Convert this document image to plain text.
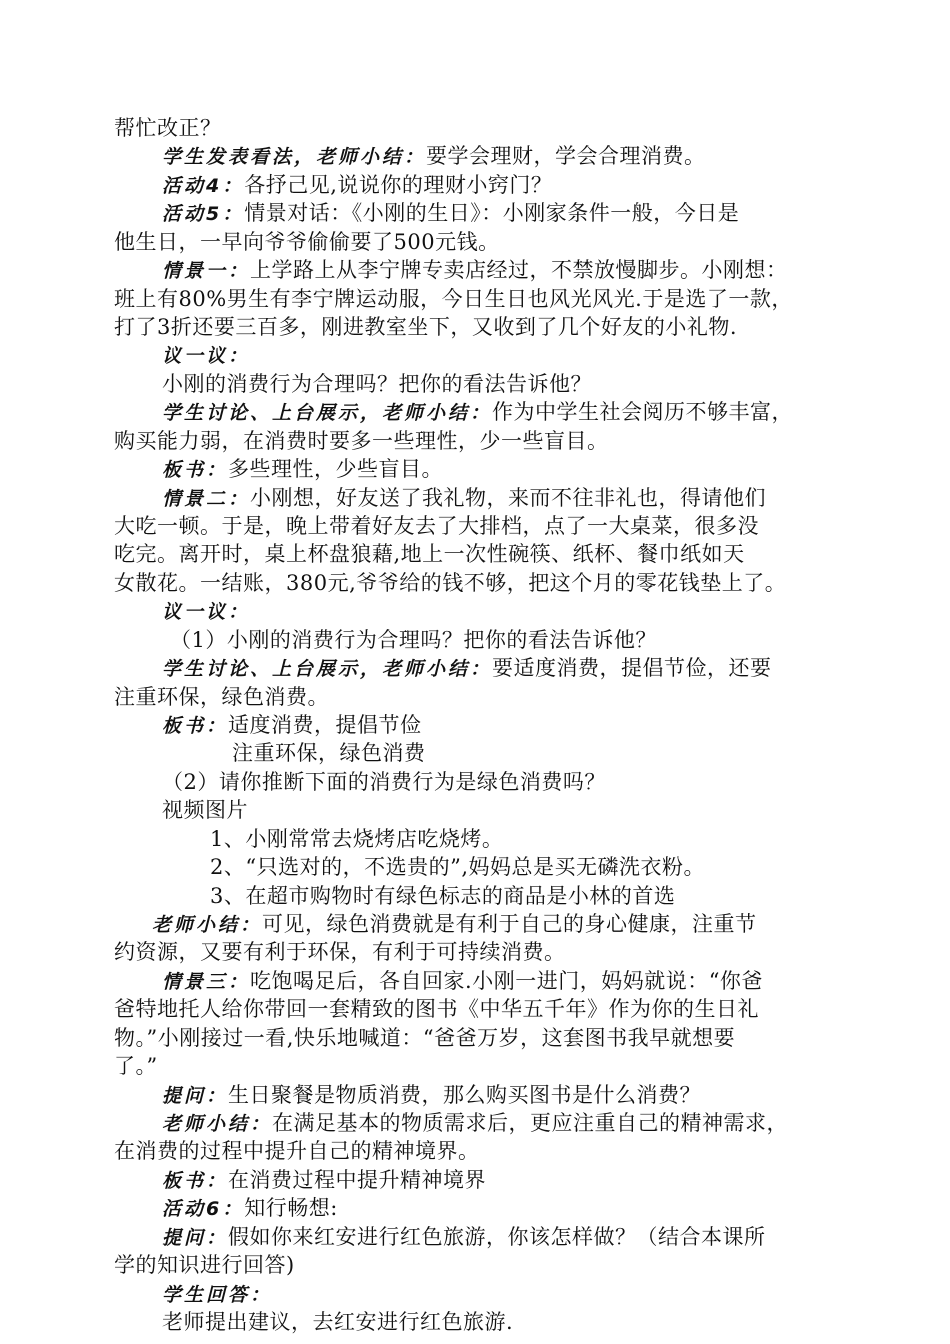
帮忙改正？
学生发表看法，老师小结：要学会理财，学会合理消费。
活动4：各抒己见,说说你的理财小窍门？
活动5：情景对话：《小刚的生日》：小刚家条件一般，今日是
他生日，一早向爷爷偷偷要了500元钱。
情景一：上学路上从李宁牌专卖店经过，不禁放慢脚步。小刚想：
班上有80%男生有李宁牌运动服，今日生日也风光风光.于是选了一款，
打了3折还要三百多，刚进教室坐下，又收到了几个好友的小礼物.
议一议：
小刚的消费行为合理吗？把你的看法告诉他？
学生讨论、上台展示，老师小结：作为中学生社会阅历不够丰富，
购买能力弱，在消费时要多一些理性，少一些盲目。
板书：多些理性，少些盲目。
情景二：小刚想，好友送了我礼物，来而不往非礼也，得请他们
大吃一顿。于是，晚上带着好友去了大排档，点了一大桌菜，很多没
吃完。离开时，桌上杯盘狼藉,地上一次性碗筷、纸杯、餐巾纸如天
女散花。一结账，380元,爷爷给的钱不够，把这个月的零花钱垫上了。
议一议：
（1）小刚的消费行为合理吗？把你的看法告诉他？
学生讨论、上台展示，老师小结：要适度消费，提倡节俭，还要
注重环保，绿色消费。
板书：适度消费，提倡节俭
注重环保，绿色消费
（2）请你推断下面的消费行为是绿色消费吗？
视频图片
1、小刚常常去烧烤店吃烧烤。
2、“只选对的，不选贵的”,妈妈总是买无磷洗衣粉。
3、在超市购物时有绿色标志的商品是小林的首选
老师小结：可见，绿色消费就是有利于自己的身心健康，注重节
约资源，又要有利于环保，有利于可持续消费。
情景三：吃饱喝足后，各自回家.小刚一进门，妈妈就说：“你爸
爸特地托人给你带回一套精致的图书《中华五千年》作为你的生日礼
物。”小刚接过一看,快乐地喊道：“爸爸万岁，这套图书我早就想要
了。”
提问：生日聚餐是物质消费，那么购买图书是什么消费？
老师小结：在满足基本的物质需求后，更应注重自己的精神需求，
在消费的过程中提升自己的精神境界。
板书：在消费过程中提升精神境界
活动6：知行畅想:
提问：假如你来红安进行红色旅游，你该怎样做？（结合本课所
学的知识进行回答)
学生回答：
老师提出建议，去红安进行红色旅游.
